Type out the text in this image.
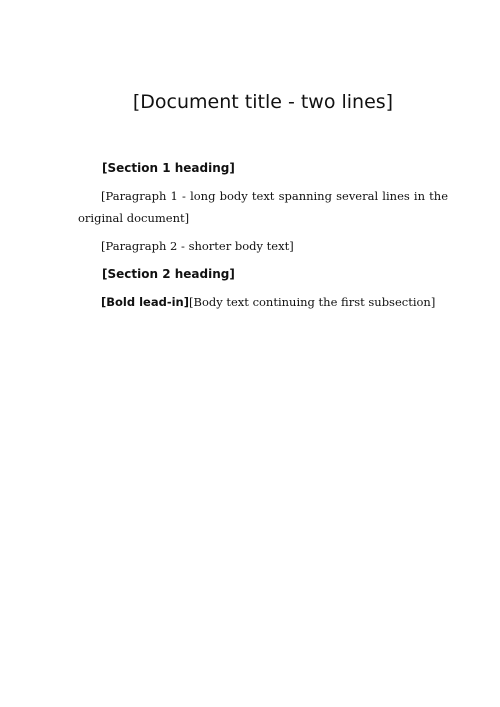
[Document title - two lines]
[Section 1 heading]

[Paragraph 1 - long body text spanning several lines in the original document]

[Paragraph 2 - shorter body text]

[Section 2 heading]

[Bold lead-in][Body text continuing the first subsection]
